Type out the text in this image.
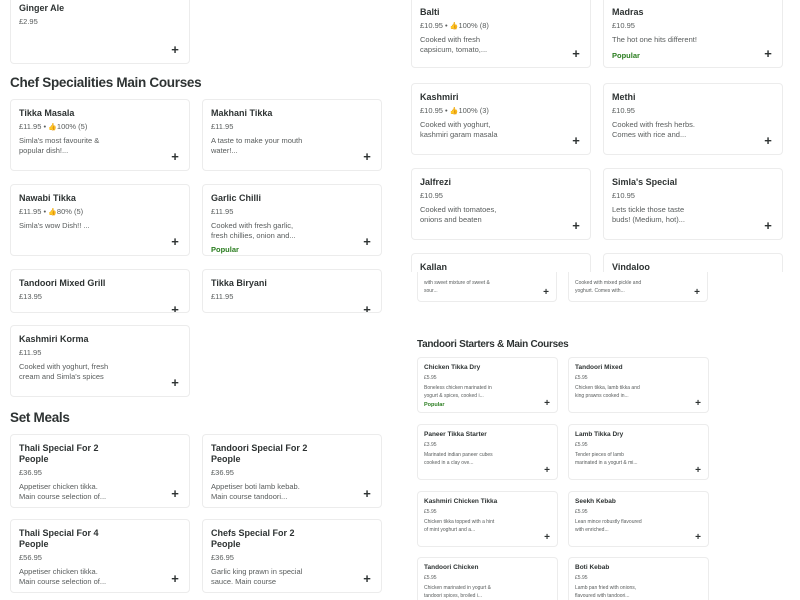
Ginger Ale
£2.95
+
Chef Specialities Main Courses
Tikka Masala
£11.95 • 👍100% (5)
Simla's most favourite & popular dish!...	+
Makhani Tikka
£11.95
A taste to make your mouth water!...	+
Nawabi Tikka
£11.95 • 👍80% (5)
Simla's wow Dish!! ...
+
Garlic Chilli
£11.95
Cooked with fresh garlic, fresh chillies, onion and...
Popular
+
Tandoori Mixed Grill
£13.95
+
Tikka Biryani
£11.95
+
Kashmiri Korma
£11.95
Cooked with yoghurt, fresh cream and Simla's spices	+
Set Meals
Thali Special For 2 People
£36.95
Appetiser chicken tikka. Main course selection of...	+
Tandoori Special For 2 People
£36.95
Appetiser boti lamb kebab. Main course tandoori...	+
Thali Special For 4 People
£56.95
Appetiser chicken tikka. Main course selection of...	+
Chefs Special For 2 People
£36.95
Garlic king prawn in special sauce. Main course	+
Balti
£10.95 • 👍100% (8)
Cooked with fresh capsicum, tomato,...	+
Madras
£10.95
The hot one hits different!
Popular	+
Kashmiri
£10.95 • 👍100% (3)
Cooked with yoghurt, kashmiri garam masala	+
Methi
£10.95
Cooked with fresh herbs. Comes with rice and...	+
Jalfrezi
£10.95
Cooked with tomatoes, onions and beaten	+
Simla's Special
£10.95
Lets tickle those taste buds! (Medium, hot)...	+
Kallan	Vindaloo
with sweet mixture of sweet & sour...	+
Cooked with mixed pickle and yoghurt. Comes with...	+
Tandoori Starters & Main Courses
Chicken Tikka Dry
£5.95
Boneless chicken marinated in yogurt & spices, cooked i...
Popular	+
Tandoori Mixed
£5.95
Chicken tikka, lamb tikka and king prawns cooked in...
+
Paneer Tikka Starter
£3.95
Marinated indian paneer cubes cooked in a clay ove...
+
Lamb Tikka Dry
£5.95
Tender pieces of lamb marinated in a yogurt & mi...
+
Kashmiri Chicken Tikka
£5.95
Chicken tikka topped with a hint of mint yoghurt and a...
+
Seekh Kebab
£5.95
Lean mince robustly flavoured with enriched...
+
Tandoori Chicken
£5.95
Chicken marinated in yogurt & tandoori spices, broiled i...
Boti Kebab
£5.95
Lamb pan fried with onions, flavoured with tandoori...
